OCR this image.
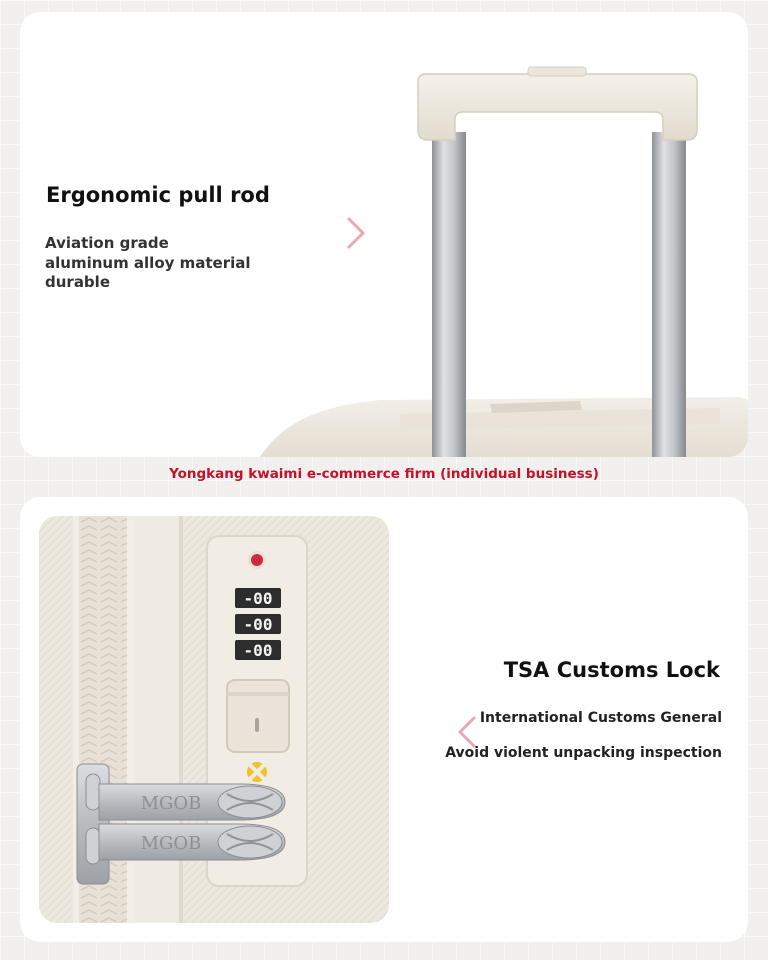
Ergonomic pull rod
Aviation grade
aluminum alloy material
durable
Yongkang kwaimi e-commerce firm (individual business)
-00
-00
-00
MGOB
MGOB
TSA Customs Lock
International Customs General
Avoid violent unpacking inspection
